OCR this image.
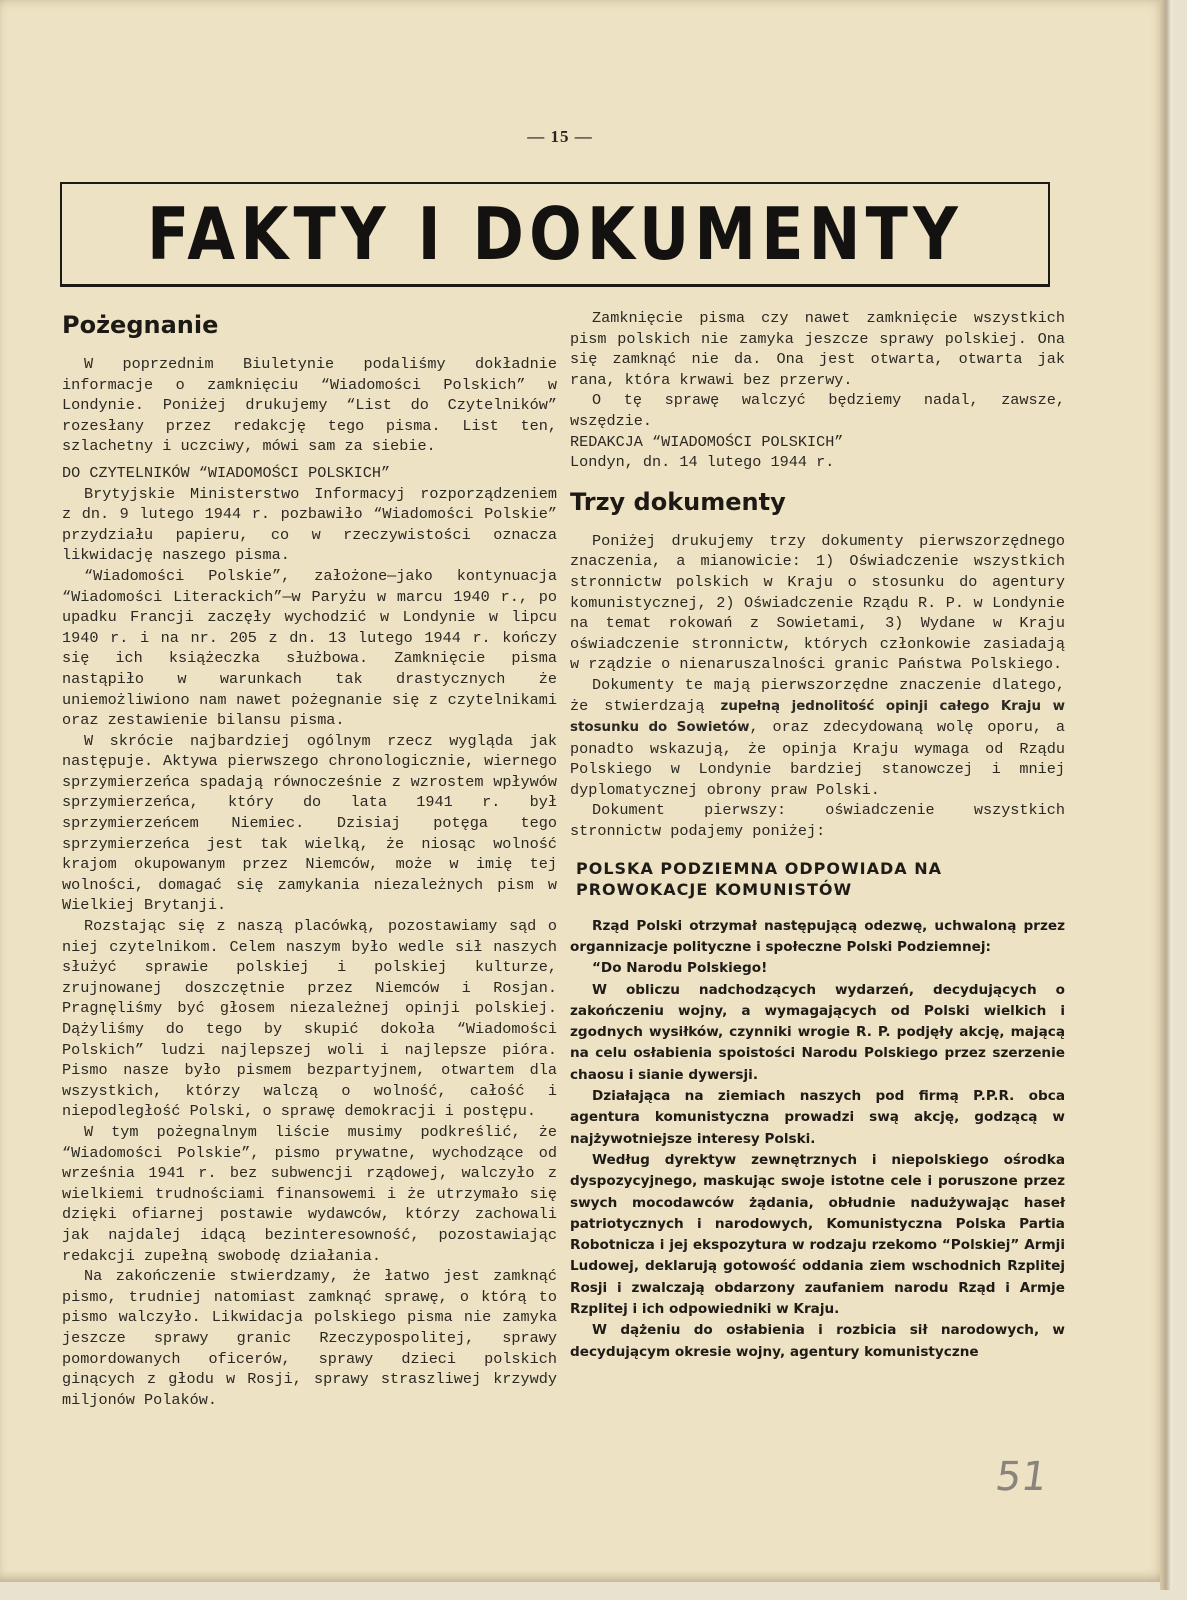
— 15 —
FAKTY I DOKUMENTY
Pożegnanie

W poprzednim Biuletynie podaliśmy dokładnie informacje o zamknięciu “Wiadomości Polskich” w Londynie. Poniżej drukujemy “List do Czytelników” rozesłany przez redakcję tego pisma. List ten, szlachetny i uczciwy, mówi sam za siebie.

DO CZYTELNIKÓW “WIADOMOŚCI POLSKICH”

Brytyjskie Ministerstwo Informacyj rozporządzeniem z dn. 9 lutego 1944 r. pozbawiło “Wiadomości Polskie” przydziału papieru, co w rzeczywistości oznacza likwidację naszego pisma.

“Wiadomości Polskie”, założone—jako kontynuacja “Wiadomości Literackich”—w Paryżu w marcu 1940 r., po upadku Francji zaczęły wychodzić w Londynie w lipcu 1940 r. i na nr. 205 z dn. 13 lutego 1944 r. kończy się ich książeczka służbowa. Zamknięcie pisma nastąpiło w warunkach tak drastycznych że uniemożliwiono nam nawet pożegnanie się z czytelnikami oraz zestawienie bilansu pisma.

W skrócie najbardziej ogólnym rzecz wygląda jak następuje. Aktywa pierwszego chronologicznie, wiernego sprzymierzeńca spadają równocześnie z wzrostem wpływów sprzymierzeńca, który do lata 1941 r. był sprzymierzeńcem Niemiec. Dzisiaj potęga tego sprzymierzeńca jest tak wielką, że niosąc wolność krajom okupowanym przez Niemców, może w imię tej wolności, domagać się zamykania niezależnych pism w Wielkiej Brytanji.

Rozstając się z naszą placówką, pozostawiamy sąd o niej czytelnikom. Celem naszym było wedle sił naszych służyć sprawie polskiej i polskiej kulturze, zrujnowanej doszczętnie przez Niemców i Rosjan. Pragnęliśmy być głosem niezależnej opinji polskiej. Dążyliśmy do tego by skupić dokoła “Wiadomości Polskich” ludzi najlepszej woli i najlepsze pióra. Pismo nasze było pismem bezpartyjnem, otwartem dla wszystkich, którzy walczą o wolność, całość i niepodległość Polski, o sprawę demokracji i postępu.

W tym pożegnalnym liście musimy podkreślić, że “Wiadomości Polskie”, pismo prywatne, wychodzące od września 1941 r. bez subwencji rządowej, walczyło z wielkiemi trudnościami finansowemi i że utrzymało się dzięki ofiarnej postawie wydawców, którzy zachowali jak najdalej idącą bezinteresowność, pozostawiając redakcji zupełną swobodę działania.

Na zakończenie stwierdzamy, że łatwo jest zamknąć pismo, trudniej natomiast zamknąć sprawę, o którą to pismo walczyło. Likwidacja polskiego pisma nie zamyka jeszcze sprawy granic Rzeczypospolitej, sprawy pomordowanych oficerów, sprawy dzieci polskich ginących z głodu w Rosji, sprawy straszliwej krzywdy miljonów Polaków.

Zamknięcie pisma czy nawet zamknięcie wszystkich pism polskich nie zamyka jeszcze sprawy polskiej. Ona się zamknąć nie da. Ona jest otwarta, otwarta jak rana, która krwawi bez przerwy.

O tę sprawę walczyć będziemy nadal, zawsze, wszędzie.

REDAKCJA “WIADOMOŚCI POLSKICH”

Londyn, dn. 14 lutego 1944 r.

Trzy dokumenty

Poniżej drukujemy trzy dokumenty pierwszorzędnego znaczenia, a mianowicie: 1) Oświadczenie wszystkich stronnictw polskich w Kraju o stosunku do agentury komunistycznej, 2) Oświadczenie Rządu R. P. w Londynie na temat rokowań z Sowietami, 3) Wydane w Kraju oświadczenie stronnictw, których członkowie zasiadają w rządzie o nienaruszalności granic Państwa Polskiego.

Dokumenty te mają pierwszorzędne znaczenie dlatego, że stwierdzają zupełną jednolitość opinji całego Kraju w stosunku do Sowietów, oraz zdecydowaną wolę oporu, a ponadto wskazują, że opinja Kraju wymaga od Rządu Polskiego w Londynie bardziej stanowczej i mniej dyplomatycznej obrony praw Polski.

Dokument pierwszy: oświadczenie wszystkich stronnictw podajemy poniżej:

POLSKA PODZIEMNA ODPOWIADA NA PROWOKACJE KOMUNISTÓW

Rząd Polski otrzymał następującą odezwę, uchwaloną przez organnizacje polityczne i społeczne Polski Podziemnej:

“Do Narodu Polskiego!

W obliczu nadchodzących wydarzeń, decydujących o zakończeniu wojny, a wymagających od Polski wielkich i zgodnych wysiłków, czynniki wrogie R. P. podjęły akcję, mającą na celu osłabienia spoistości Narodu Polskiego przez szerzenie chaosu i sianie dywersji.

Działająca na ziemiach naszych pod firmą P.P.R. obca agentura komunistyczna prowadzi swą akcję, godzącą w najżywotniejsze interesy Polski.

Według dyrektyw zewnętrznych i niepolskiego ośrodka dyspozycyjnego, maskując swoje istotne cele i poruszone przez swych mocodawców żądania, obłudnie nadużywając haseł patriotycznych i narodowych, Komunistyczna Polska Partia Robotnicza i jej ekspozytura w rodzaju rzekomo “Polskiej” Armji Ludowej, deklarują gotowość oddania ziem wschodnich Rzplitej Rosji i zwalczają obdarzony zaufaniem narodu Rząd i Armje Rzplitej i ich odpowiedniki w Kraju.

W dążeniu do osłabienia i rozbicia sił narodowych, w decydującym okresie wojny, agentury komunistyczne

51
